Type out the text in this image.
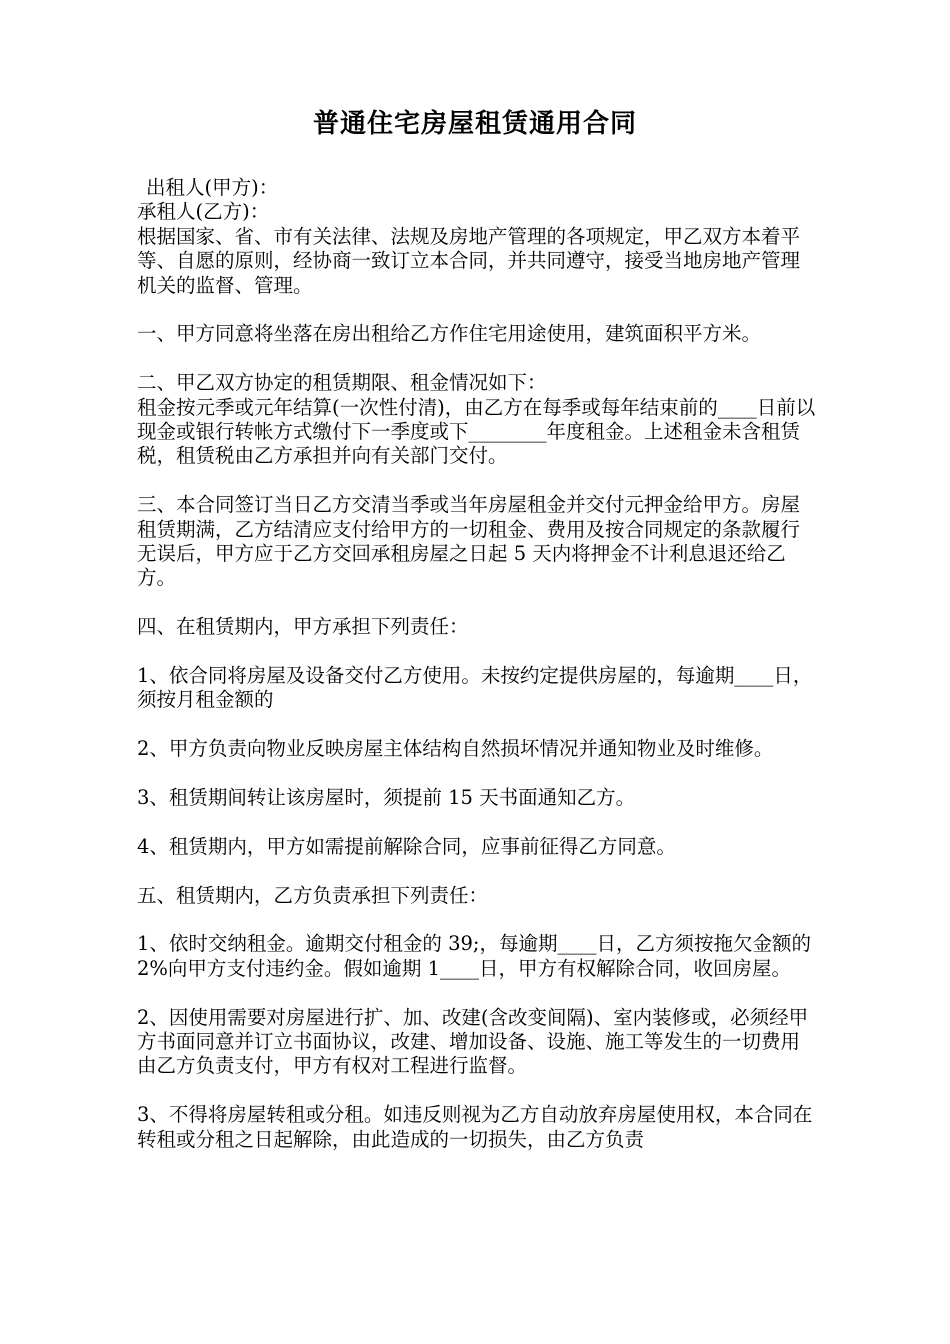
普通住宅房屋租赁通用合同

出租人(甲方)：

承租人(乙方)：

根据国家、省、市有关法律、法规及房地产管理的各项规定，甲乙双方本着平等、自愿的原则，经协商一致订立本合同，并共同遵守，接受当地房地产管理机关的监督、管理。

一、甲方同意将坐落在房出租给乙方作住宅用途使用，建筑面积平方米。

二、甲乙双方协定的租赁期限、租金情况如下：

租金按元季或元年结算(一次性付清)，由乙方在每季或每年结束前的____日前以现金或银行转帐方式缴付下一季度或下________年度租金。上述租金未含租赁税，租赁税由乙方承担并向有关部门交付。

三、本合同签订当日乙方交清当季或当年房屋租金并交付元押金给甲方。房屋租赁期满，乙方结清应支付给甲方的一切租金、费用及按合同规定的条款履行无误后，甲方应于乙方交回承租房屋之日起 5 天内将押金不计利息退还给乙方。

四、在租赁期内，甲方承担下列责任：

1、依合同将房屋及设备交付乙方使用。未按约定提供房屋的，每逾期____日，须按月租金额的

2、甲方负责向物业反映房屋主体结构自然损坏情况并通知物业及时维修。

3、租赁期间转让该房屋时，须提前 15 天书面通知乙方。

4、租赁期内，甲方如需提前解除合同，应事前征得乙方同意。

五、租赁期内，乙方负责承担下列责任：

1、依时交纳租金。逾期交付租金的 39;，每逾期____日，乙方须按拖欠金额的 2%向甲方支付违约金。假如逾期 1____日，甲方有权解除合同，收回房屋。

2、因使用需要对房屋进行扩、加、改建(含改变间隔)、室内装修或，必须经甲方书面同意并订立书面协议，改建、增加设备、设施、施工等发生的一切费用由乙方负责支付，甲方有权对工程进行监督。

3、不得将房屋转租或分租。如违反则视为乙方自动放弃房屋使用权，本合同在转租或分租之日起解除，由此造成的一切损失，由乙方负责
